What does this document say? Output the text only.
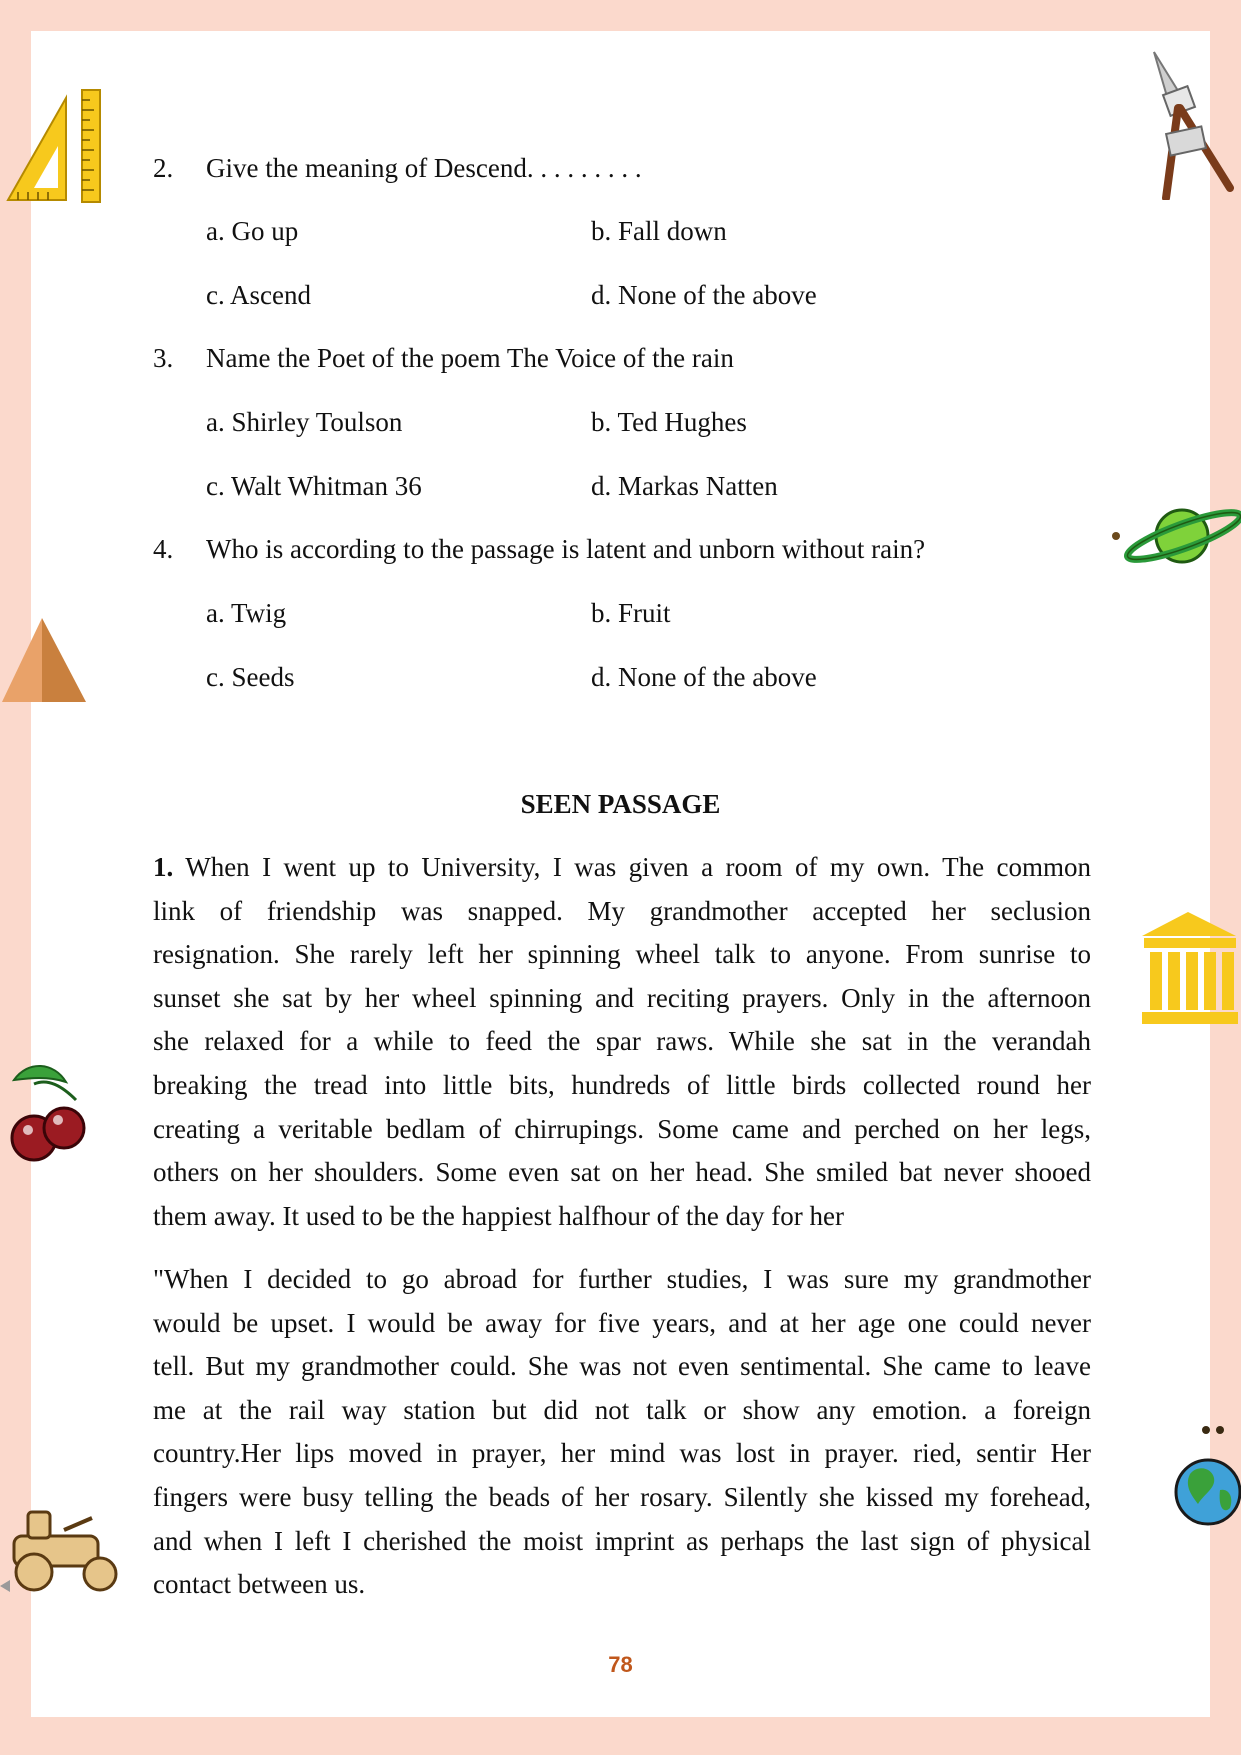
2. Give the meaning of Descend. . . . . . . . .
a. Go up	b. Fall down
c. Ascend	d. None of the above
3. Name the Poet of the poem The Voice of the rain
a. Shirley Toulson	b. Ted Hughes
c. Walt Whitman 36	d. Markas Natten
4. Who is according to the passage is latent and unborn without rain?
a. Twig	b. Fruit
c. Seeds	d. None of the above
SEEN PASSAGE
1. When I went up to University, I was given a room of my own. The common
link of friendship was snapped. My grandmother accepted her seclusion
resignation. She rarely left her spinning wheel talk to anyone. From sunrise to
sunset she sat by her wheel spinning and reciting prayers. Only in the afternoon
she relaxed for a while to feed the spar raws. While she sat in the verandah
breaking the tread into little bits, hundreds of little birds collected round her
creating a veritable bedlam of chirrupings. Some came and perched on her legs,
others on her shoulders. Some even sat on her head. She smiled bat never shooed
them away. It used to be the happiest halfhour of the day for her
"When I decided to go abroad for further studies, I was sure my grandmother
would be upset. I would be away for five years, and at her age one could never
tell. But my grandmother could. She was not even sentimental. She came to leave
me at the rail way station but did not talk or show any emotion. a foreign
country.Her lips moved in prayer, her mind was lost in prayer. ried, sentir Her
fingers were busy telling the beads of her rosary. Silently she kissed my forehead,
and when I left I cherished the moist imprint as perhaps the last sign of physical
contact between us.
78
